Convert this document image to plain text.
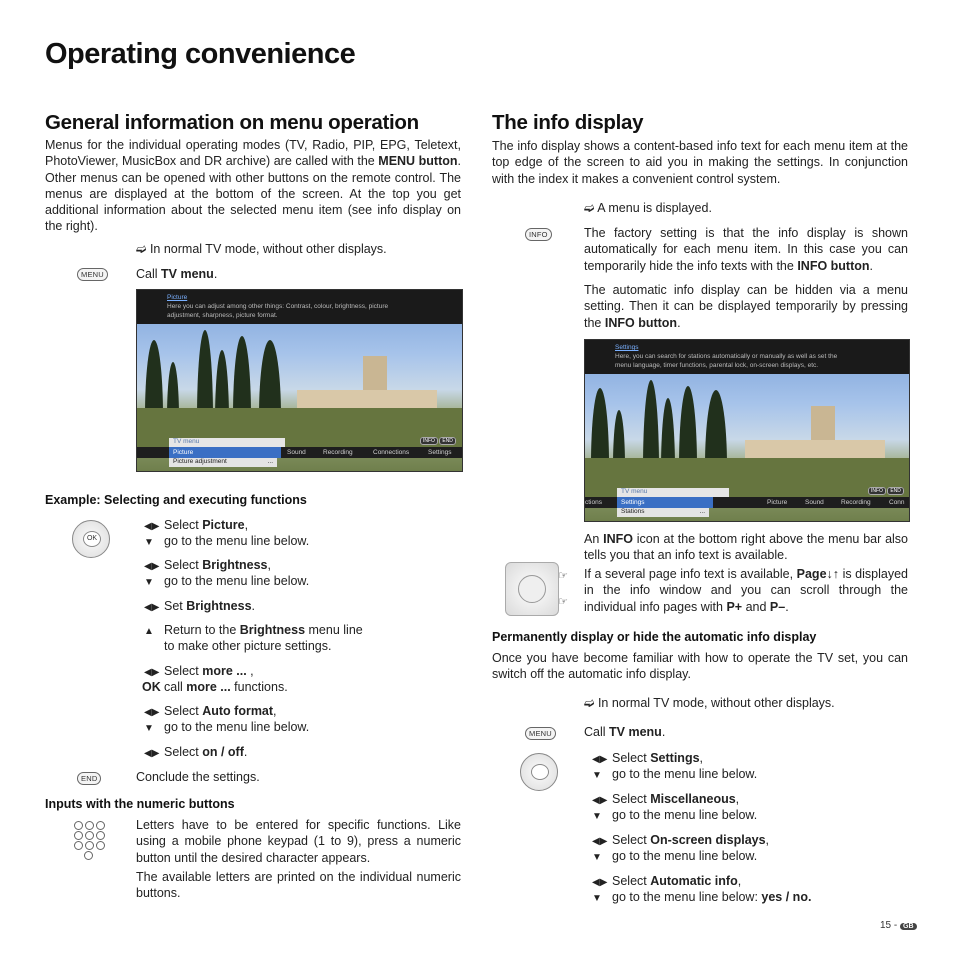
Operating convenience
General information on menu operation
Menus for the individual operating modes (TV, Radio, PIP, EPG, Teletext, PhotoViewer, MusicBox and DR archive) are called with the MENU button. Other menus can be opened with other buttons on the remote control. The menus are displayed at the bottom of the screen. At the top you get additional information about the selected menu item (see info display on the right).
➫ In normal TV mode, without other displays.
MENU	Call TV menu.
Picture
Here you can adjust among other things: Contrast, colour, brightness, picture
adjustment, sharpness, picture format.
TV menu	INFO END
Picture	Sound	Recording	Connections	Settings
Picture adjustment	...
Example: Selecting and executing functions
OK
◀▶ Select Picture,
▼ go to the menu line below.
◀▶ Select Brightness,
▼ go to the menu line below.
◀▶ Set Brightness.
▲ Return to the Brightness menu line
to make other picture settings.
◀▶ Select more ... ,
OK call more ... functions.
◀▶ Select Auto format,
▼ go to the menu line below.
◀▶ Select on / off.
END	Conclude the settings.
Inputs with the numeric buttons
Letters have to be entered for specific functions. Like using a mobile phone keypad (1 to 9), press a numeric button until the desired character appears.
The available letters are printed on the individual numeric buttons.
The info display
The info display shows a content-based info text for each menu item at the top edge of the screen to aid you in making the settings. In conjunction with the index it makes a convenient control system.
➫ A menu is displayed.
INFO	The factory setting is that the info display is shown automatically for each menu item. In this case you can temporarily hide the info texts with the INFO button.
The automatic info display can be hidden via a menu setting. Then it can be displayed temporarily by pressing the INFO button.
Settings
Here, you can search for stations automatically or manually as well as set the
menu language, timer functions, parental lock, on-screen displays, etc.
TV menu	INFO END
ctions	Settings	Picture	Sound	Recording	Conn
Stations	...
☞
☞
An INFO icon at the bottom right above the menu bar also tells you that an info text is available.
If a several page info text is available, Page↓↑ is displayed in the info window and you can scroll through the individual info pages with P+ and P–.
Permanently display or hide the automatic info display
Once you have become familiar with how to operate the TV set, you can switch off the automatic info display.
➫ In normal TV mode, without other displays.
MENU	Call TV menu.
◀▶ Select Settings,
▼ go to the menu line below.
◀▶ Select Miscellaneous,
▼ go to the menu line below.
◀▶ Select On-screen displays,
▼ go to the menu line below.
◀▶ Select Automatic info,
▼ go to the menu line below: yes / no.
15 - GB
